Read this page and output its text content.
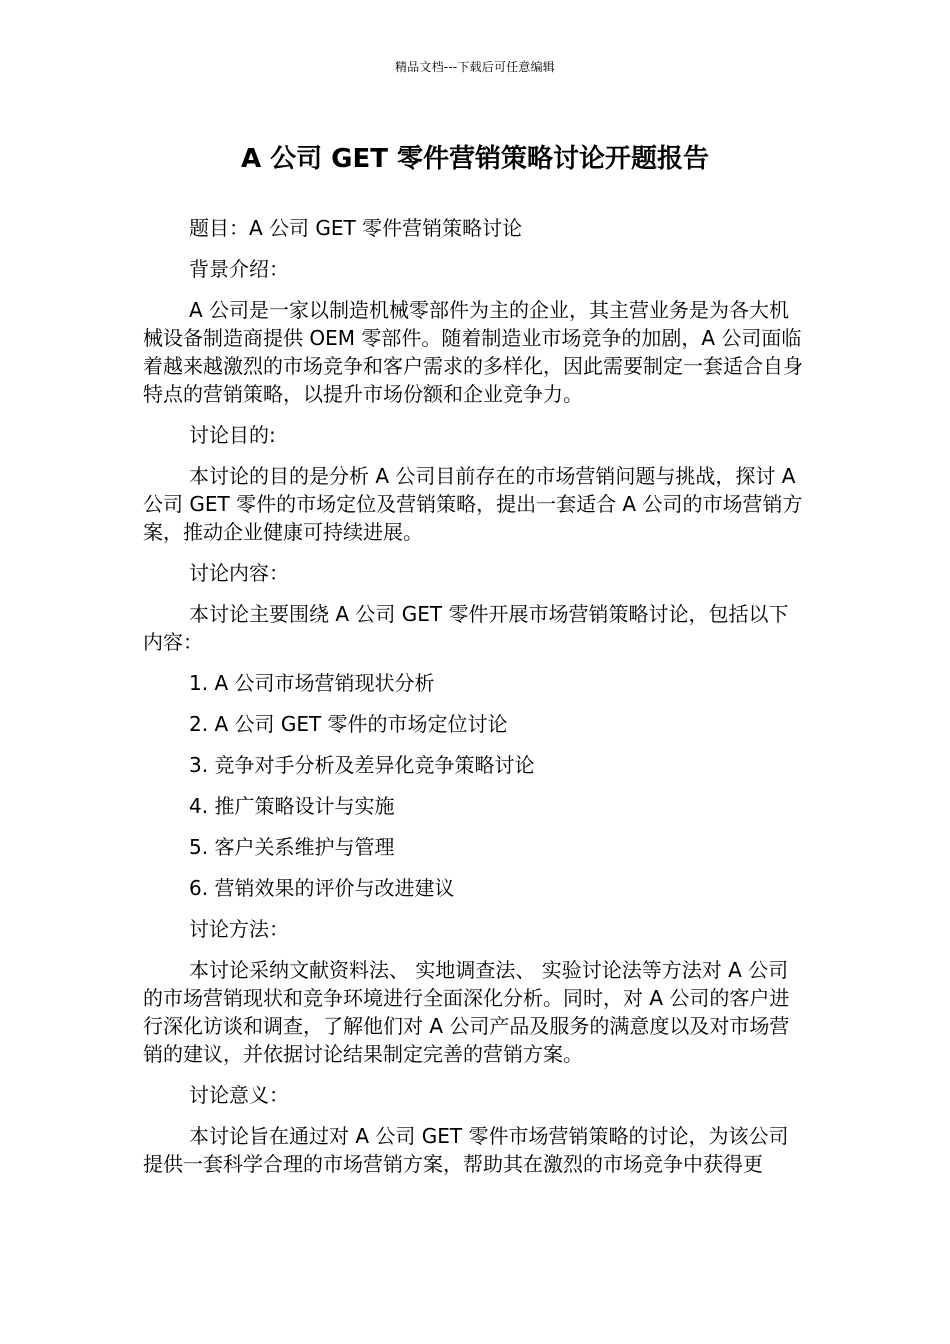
精品文档---下载后可任意编辑
A 公司 GET 零件营销策略讨论开题报告

题目：A 公司 GET 零件营销策略讨论

背景介绍：

A 公司是一家以制造机械零部件为主的企业，其主营业务是为各大机械设备制造商提供 OEM 零部件。随着制造业市场竞争的加剧，A 公司面临着越来越激烈的市场竞争和客户需求的多样化，因此需要制定一套适合自身特点的营销策略，以提升市场份额和企业竞争力。

讨论目的:

本讨论的目的是分析 A 公司目前存在的市场营销问题与挑战，探讨 A 公司 GET 零件的市场定位及营销策略，提出一套适合 A 公司的市场营销方案，推动企业健康可持续进展。

讨论内容：

本讨论主要围绕 A 公司 GET 零件开展市场营销策略讨论，包括以下内容：

1. A 公司市场营销现状分析
2. A 公司 GET 零件的市场定位讨论
3. 竞争对手分析及差异化竞争策略讨论
4. 推广策略设计与实施
5. 客户关系维护与管理
6. 营销效果的评价与改进建议

讨论方法：

本讨论采纳文献资料法、 实地调查法、 实验讨论法等方法对 A 公司的市场营销现状和竞争环境进行全面深化分析。同时，对 A 公司的客户进行深化访谈和调查，了解他们对 A 公司产品及服务的满意度以及对市场营销的建议，并依据讨论结果制定完善的营销方案。

讨论意义：

本讨论旨在通过对 A 公司 GET 零件市场营销策略的讨论，为该公司提供一套科学合理的市场营销方案，帮助其在激烈的市场竞争中获得更
